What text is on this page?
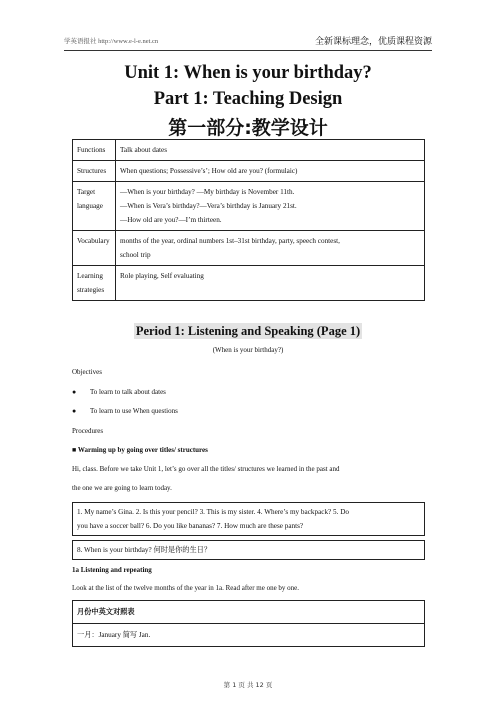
学英语报社 http://www.e-l-e.net.cn	全新课标理念，优质课程资源
Unit 1: When is your birthday?
Part 1: Teaching Design
第一部分:教学设计
Functions	Talk about dates
Structures	When questions; Possessive’s’; How old are you? (formulaic)
Target language	—When is your birthday? —My birthday is November 11th.
—When is Vera’s birthday?—Vera’s birthday is January 21st.
—How old are you?—I’m thirteen.

Vocabulary	months of the year, ordinal numbers 1st–31st birthday, party, speech contest,
school trip

Learning strategies	Role playing, Self evaluating
Period 1: Listening and Speaking (Page 1)
(When is your birthday?)
Objectives
● To learn to talk about dates
● To learn to use When questions
Procedures
■ Warming up by going over titles/ structures
Hi, class. Before we take Unit 1, let’s go over all the titles/ structures we learned in the past and
the one we are going to learn today.
1. My name’s Gina. 2. Is this your pencil? 3. This is my sister. 4. Where’s my backpack? 5. Do
you have a soccer ball? 6. Do you like bananas? 7. How much are these pants?
8. When is your birthday? 何时是你的生日？
1a Listening and repeating
Look at the list of the twelve months of the year in 1a. Read after me one by one.
月份中英文对照表
一月：January 简写 Jan.
第 1 页 共 12 页
